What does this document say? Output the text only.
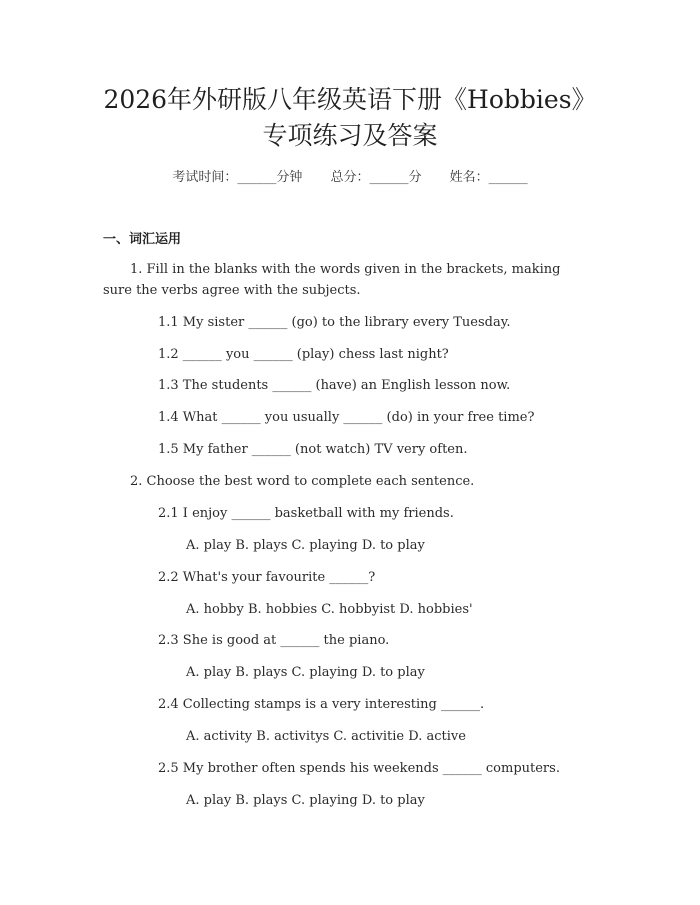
2026年外研版八年级英语下册《Hobbies》
专项练习及答案
考试时间：______分钟 总分：______分 姓名：______
一、词汇运用
1. Fill in the blanks with the words given in the brackets, making
sure the verbs agree with the subjects.
1.1 My sister ______ (go) to the library every Tuesday.
1.2 ______ you ______ (play) chess last night?
1.3 The students ______ (have) an English lesson now.
1.4 What ______ you usually ______ (do) in your free time?
1.5 My father ______ (not watch) TV very often.
2. Choose the best word to complete each sentence.
2.1 I enjoy ______ basketball with my friends.
A. play B. plays C. playing D. to play
2.2 What's your favourite ______?
A. hobby B. hobbies C. hobbyist D. hobbies'
2.3 She is good at ______ the piano.
A. play B. plays C. playing D. to play
2.4 Collecting stamps is a very interesting ______.
A. activity B. activitys C. activitie D. active
2.5 My brother often spends his weekends ______ computers.
A. play B. plays C. playing D. to play
